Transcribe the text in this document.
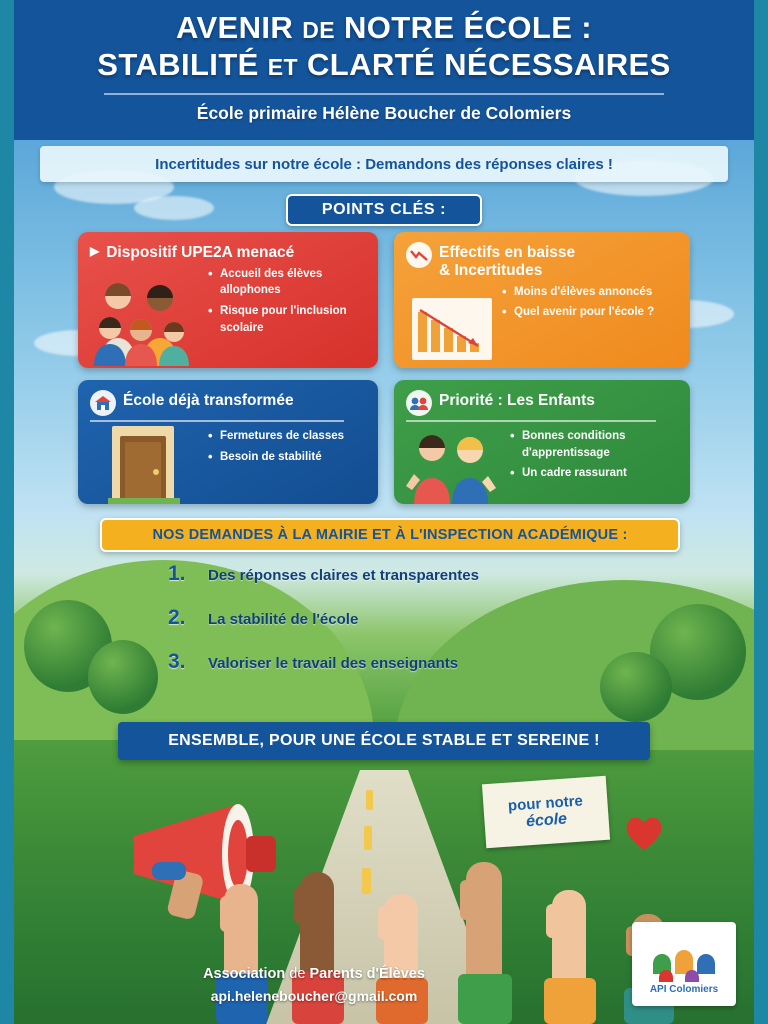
AVENIR DE NOTRE ÉCOLE :
STABILITÉ ET CLARTÉ NÉCESSAIRES
École primaire Hélène Boucher de Colomiers
Incertitudes sur notre école : Demandons des réponses claires !
POINTS CLÉS :
▶ Dispositif UPE2A menacé
• Accueil des élèves allophones
• Risque pour l'inclusion scolaire
Effectifs en baisse
& Incertitudes
• Moins d'élèves annoncés
• Quel avenir pour l'école ?
École déjà transformée
• Fermetures de classes
• Besoin de stabilité
Priorité : Les Enfants
• Bonnes conditions d'apprentissage
• Un cadre rassurant
NOS DEMANDES À LA MAIRIE ET À L'INSPECTION ACADÉMIQUE :
1.	Des réponses claires et transparentes
2.	La stabilité de l'école
3.	Valoriser le travail des enseignants
ENSEMBLE, POUR UNE ÉCOLE STABLE ET SEREINE !
pour notre
école
API Colomiers
Association de Parents d'Élèves
api.heleneboucher@gmail.com
